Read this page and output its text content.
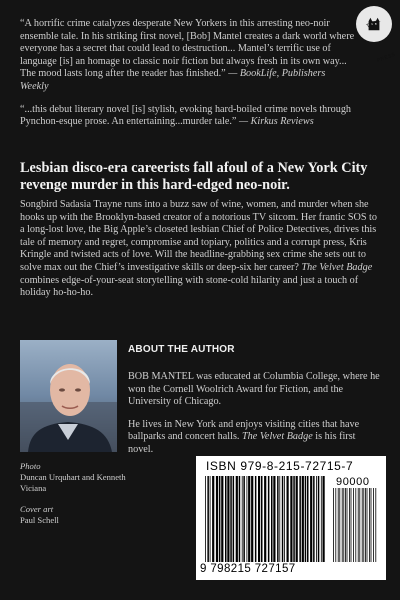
THE · PRESS

“A horrific crime catalyzes desperate New Yorkers in this arresting neo-noir ensemble tale. In his striking first novel, [Bob] Mantel creates a dark world where everyone has a secret that could lead to destruction... Mantel’s terrific use of language [is] an homage to classic noir fiction but always fresh in its own way... The mood lasts long after the reader has finished.” — BookLife, Publishers Weekly

“...this debut literary novel [is] stylish, evoking hard-boiled crime novels through Pynchon-esque prose. An entertaining...murder tale.” — Kirkus Reviews

Lesbian disco-era careerists fall afoul of a New York City revenge murder in this hard-edged neo-noir.
Songbird Sadasia Trayne runs into a buzz saw of wine, women, and murder when she hooks up with the Brooklyn-based creator of a notorious TV sitcom. Her frantic SOS to a long-lost love, the Big Apple’s closeted lesbian Chief of Police Detectives, drives this tale of memory and regret, compromise and topiary, politics and a corrupt press, Kris Kringle and twisted acts of love. Will the headline-grabbing sex crime she sets out to solve max out the Chief’s investigative skills or deep-six her career? The Velvet Badge combines edge-of-your-seat storytelling with stone-cold hilarity and just a touch of holiday ho-ho-ho.
ABOUT THE AUTHOR

BOB MANTEL was educated at Columbia College, where he won the Cornell Woolrich Award for Fiction, and the University of Chicago.

He lives in New York and enjoys visiting cities that have ballparks and concert halls. The Velvet Badge is his first novel.

Photo
Duncan Urquhart and Kenneth Viciana
Cover art
Paul Schell
ISBN 979-8-215-72715-7
90000
9 798215 727157
